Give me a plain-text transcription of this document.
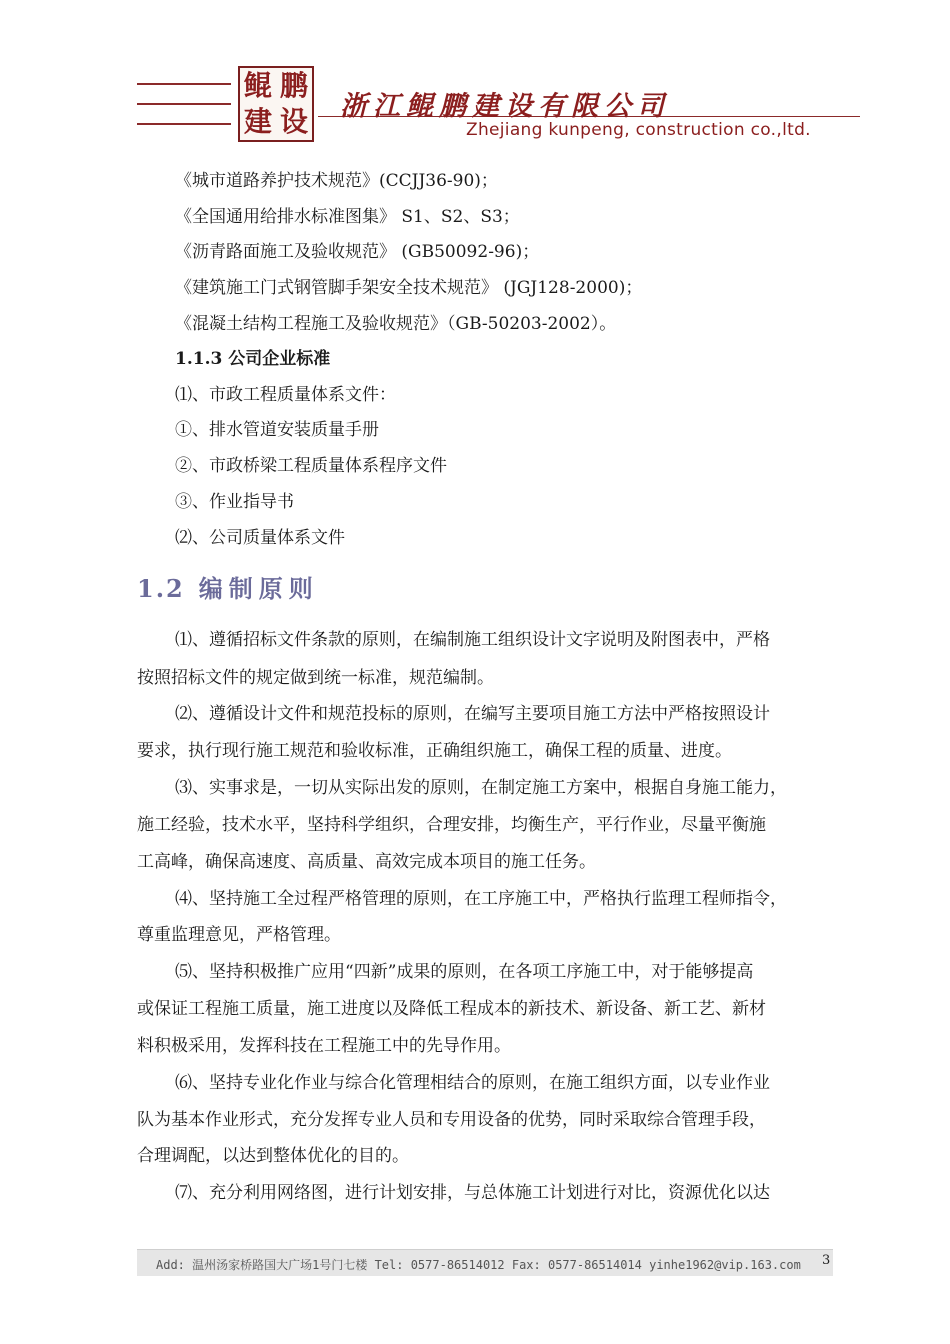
鲲 鹏
建 设 浙江鲲鹏建设有限公司
Zhejiang kunpeng, construction co.,ltd.
《城市道路养护技术规范》(CCJJ36-90)；
《全国通用给排水标准图集》 S1、S2、S3；
《沥青路面施工及验收规范》 (GB50092-96)；
《建筑施工门式钢管脚手架安全技术规范》 (JGJ128-2000)；
《混凝土结构工程施工及验收规范》（GB-50203-2002）。
1.1.3 公司企业标准
⑴、市政工程质量体系文件：
①、排水管道安装质量手册
②、市政桥梁工程质量体系程序文件
③、作业指导书
⑵、公司质量体系文件
1.2 编制原则
⑴、遵循招标文件条款的原则，在编制施工组织设计文字说明及附图表中，严格
按照招标文件的规定做到统一标准，规范编制。
⑵、遵循设计文件和规范投标的原则，在编写主要项目施工方法中严格按照设计
要求，执行现行施工规范和验收标准，正确组织施工，确保工程的质量、进度。
⑶、实事求是，一切从实际出发的原则，在制定施工方案中，根据自身施工能力，
施工经验，技术水平，坚持科学组织，合理安排，均衡生产，平行作业，尽量平衡施
工高峰，确保高速度、高质量、高效完成本项目的施工任务。
⑷、坚持施工全过程严格管理的原则，在工序施工中，严格执行监理工程师指令，
尊重监理意见，严格管理。
⑸、坚持积极推广应用“四新”成果的原则，在各项工序施工中，对于能够提高
或保证工程施工质量，施工进度以及降低工程成本的新技术、新设备、新工艺、新材
料积极采用，发挥科技在工程施工中的先导作用。
⑹、坚持专业化作业与综合化管理相结合的原则，在施工组织方面，以专业作业
队为基本作业形式，充分发挥专业人员和专用设备的优势，同时采取综合管理手段，
合理调配，以达到整体优化的目的。
⑺、充分利用网络图，进行计划安排，与总体施工计划进行对比，资源优化以达
Add: 温州汤家桥路国大广场1号门七楼 Tel: 0577-86514012 Fax: 0577-86514014 yinhe1962@vip.163.com 3
